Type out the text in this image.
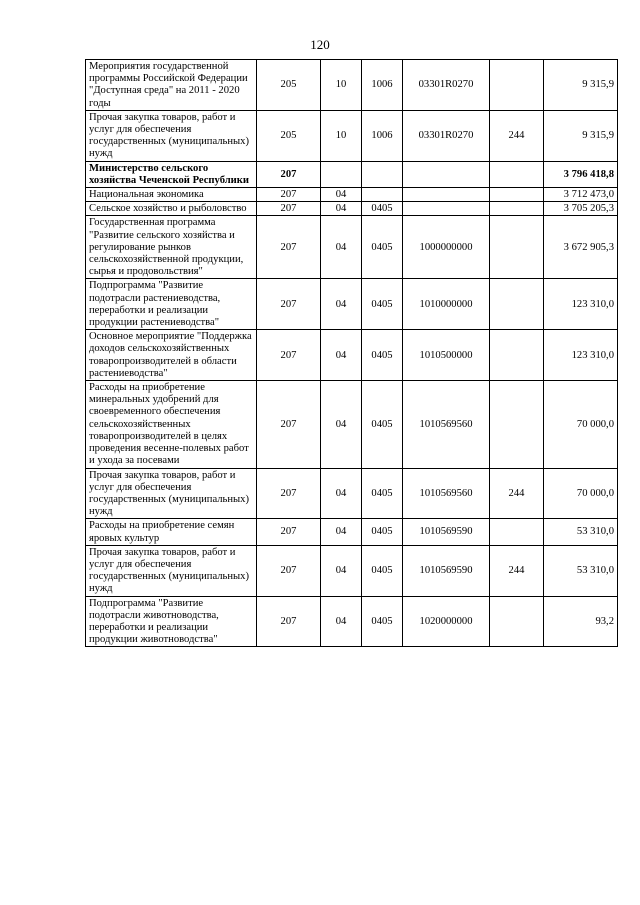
120
Мероприятия государственной программы Российской Федерации "Доступная среда" на 2011 - 2020 годы	205	10	1006	03301R0270		9 315,9
Прочая закупка товаров, работ и услуг для обеспечения государственных (муниципальных) нужд	205	10	1006	03301R0270	244	9 315,9
Министерство сельского хозяйства Чеченской Республики	207					3 796 418,8
Национальная экономика	207	04				3 712 473,0
Сельское хозяйство и рыболовство	207	04	0405			3 705 205,3
Государственная программа "Развитие сельского хозяйства и регулирование рынков сельскохозяйственной продукции, сырья и продовольствия"	207	04	0405	1000000000		3 672 905,3
Подпрограмма "Развитие подотрасли растениеводства, переработки и реализации продукции растениеводства"	207	04	0405	1010000000		123 310,0
Основное мероприятие "Поддержка доходов сельскохозяйственных товаропроизводителей в области растениеводства"	207	04	0405	1010500000		123 310,0
Расходы на приобретение минеральных удобрений для своевременного обеспечения сельскохозяйственных товаропроизводителей в целях проведения весенне-полевых работ и ухода за посевами	207	04	0405	1010569560		70 000,0
Прочая закупка товаров, работ и услуг для обеспечения государственных (муниципальных) нужд	207	04	0405	1010569560	244	70 000,0
Расходы на приобретение семян яровых культур	207	04	0405	1010569590		53 310,0
Прочая закупка товаров, работ и услуг для обеспечения государственных (муниципальных) нужд	207	04	0405	1010569590	244	53 310,0
Подпрограмма "Развитие подотрасли животноводства, переработки и реализации продукции животноводства"	207	04	0405	1020000000		93,2
